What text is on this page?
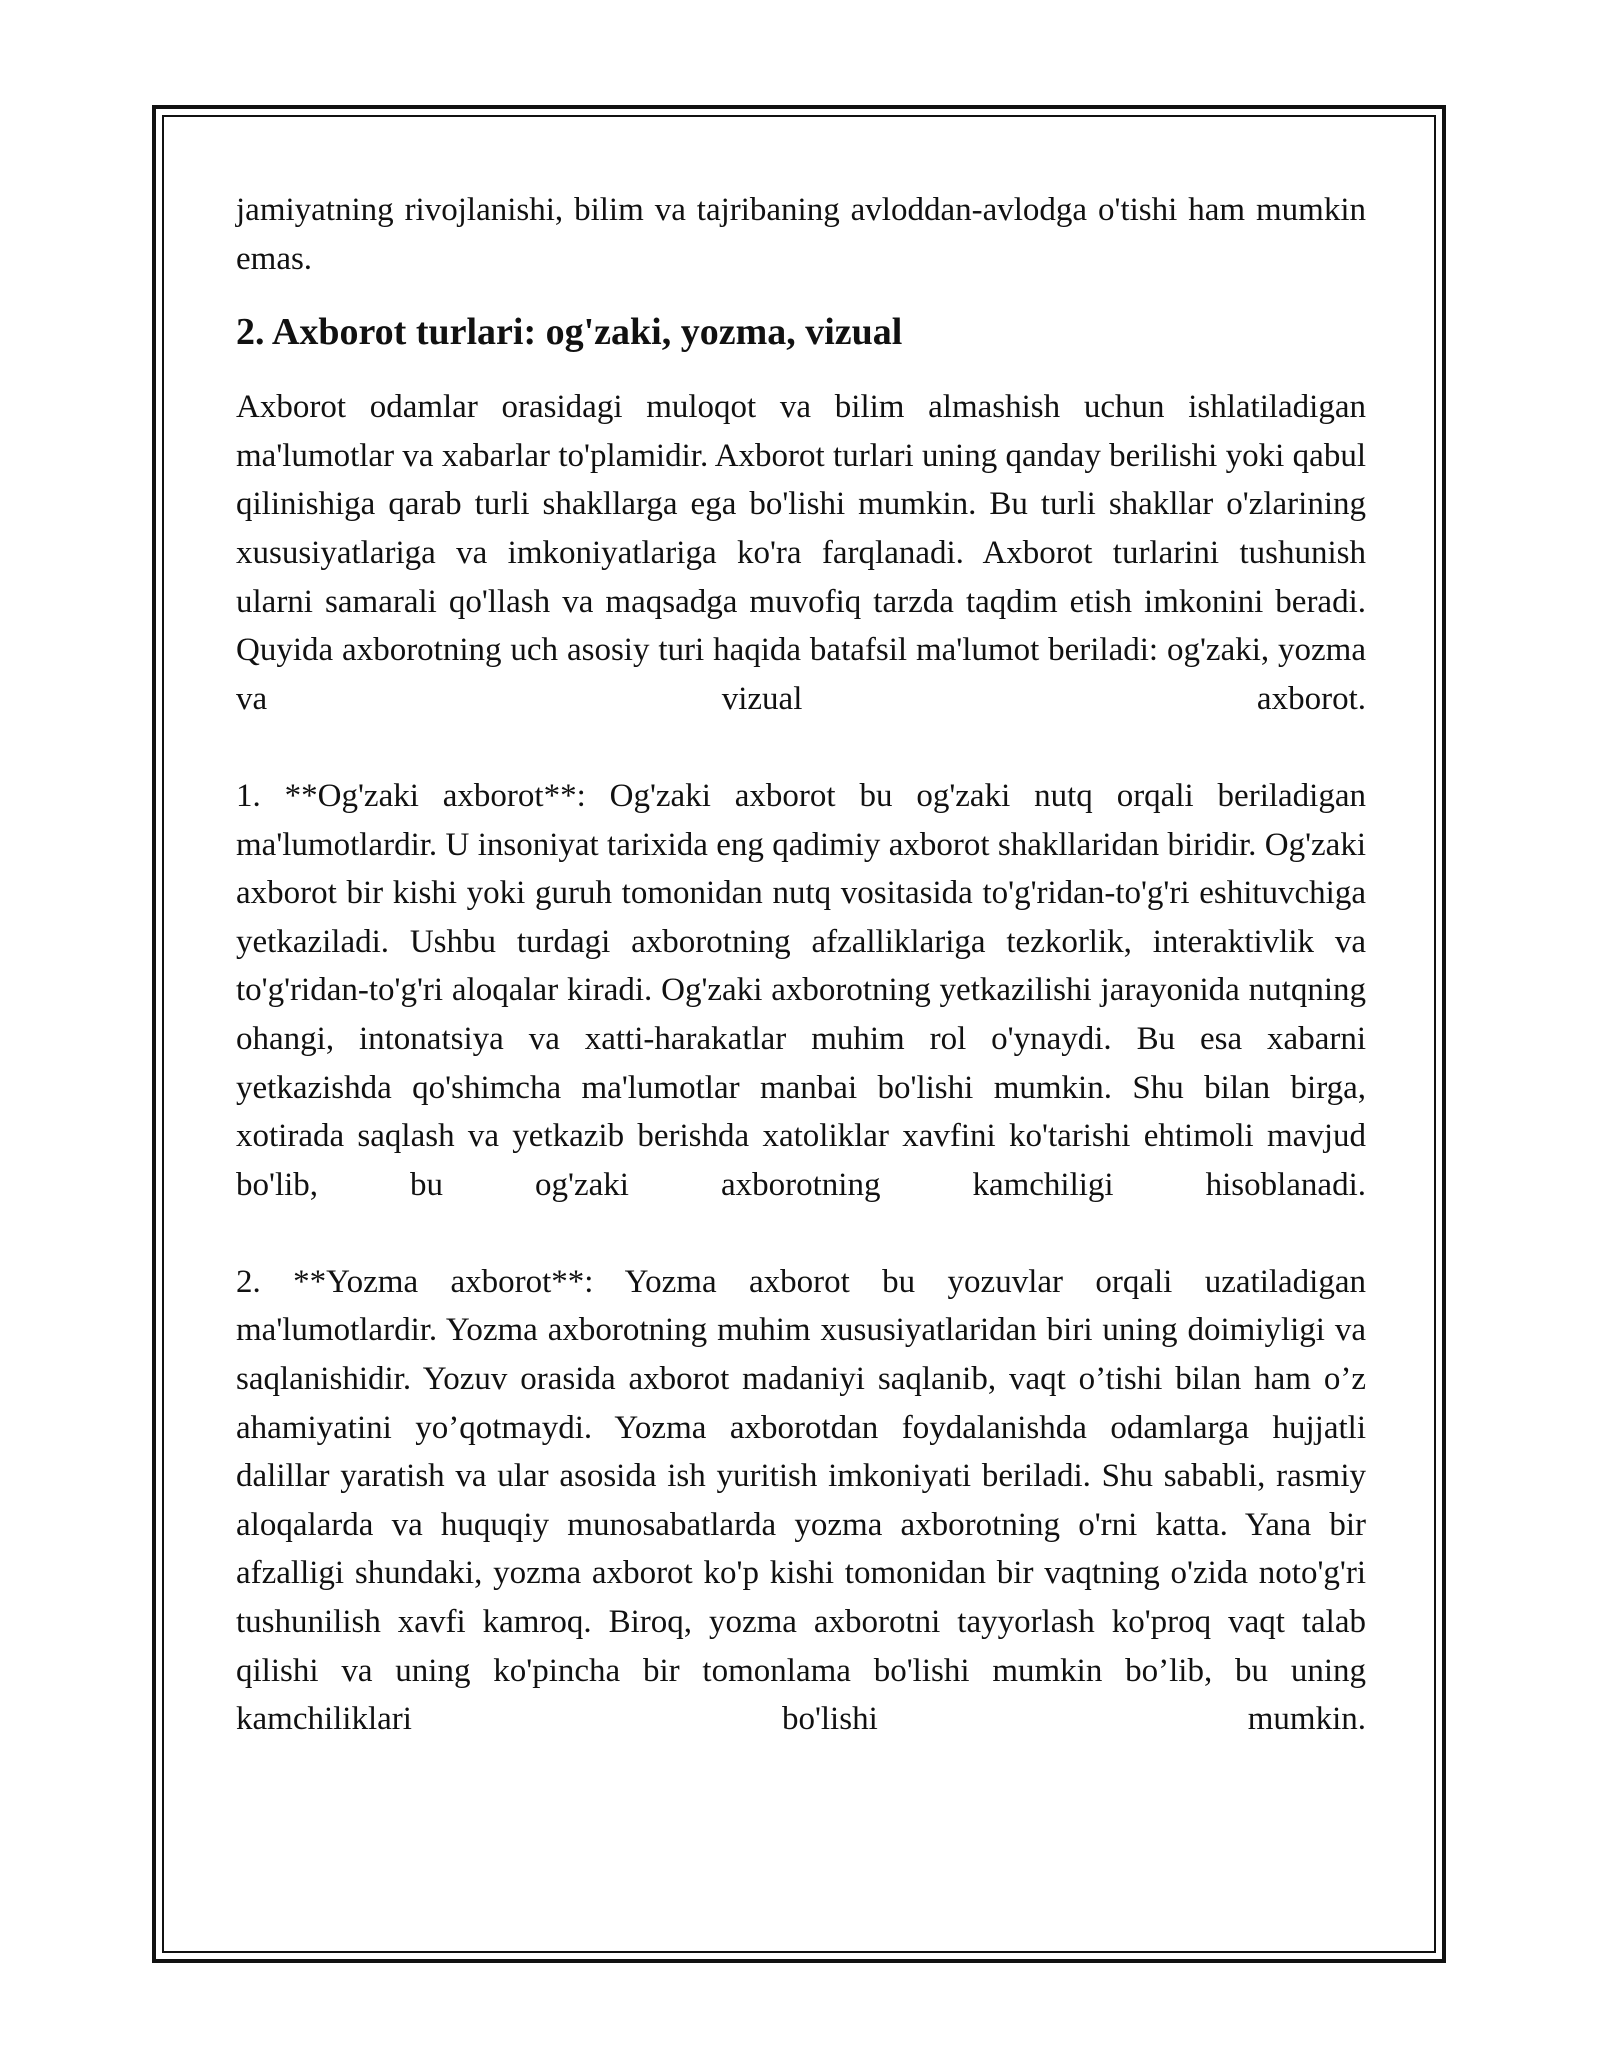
jamiyatning rivojlanishi, bilim va tajribaning avloddan-avlodga o'tishi ham mumkin emas.

2. Axborot turlari: og'zaki, yozma, vizual

Axborot odamlar orasidagi muloqot va bilim almashish uchun ishlatiladigan ma'lumotlar va xabarlar to'plamidir. Axborot turlari uning qanday berilishi yoki qabul qilinishiga qarab turli shakllarga ega bo'lishi mumkin. Bu turli shakllar o'zlarining xususiyatlariga va imkoniyatlariga ko'ra farqlanadi. Axborot turlarini tushunish ularni samarali qo'llash va maqsadga muvofiq tarzda taqdim etish imkonini beradi. Quyida axborotning uch asosiy turi haqida batafsil ma'lumot beriladi: og'zaki, yozma va vizual axborot.

1. **Og'zaki axborot**: Og'zaki axborot bu og'zaki nutq orqali beriladigan ma'lumotlardir. U insoniyat tarixida eng qadimiy axborot shakllaridan biridir. Og'zaki axborot bir kishi yoki guruh tomonidan nutq vositasida to'g'ridan-to'g'ri eshituvchiga yetkaziladi. Ushbu turdagi axborotning afzalliklariga tezkorlik, interaktivlik va to'g'ridan-to'g'ri aloqalar kiradi. Og'zaki axborotning yetkazilishi jarayonida nutqning ohangi, intonatsiya va xatti-harakatlar muhim rol o'ynaydi. Bu esa xabarni yetkazishda qo'shimcha ma'lumotlar manbai bo'lishi mumkin. Shu bilan birga, xotirada saqlash va yetkazib berishda xatoliklar xavfini ko'tarishi ehtimoli mavjud bo'lib, bu og'zaki axborotning kamchiligi hisoblanadi.

2. **Yozma axborot**: Yozma axborot bu yozuvlar orqali uzatiladigan ma'lumotlardir. Yozma axborotning muhim xususiyatlaridan biri uning doimiyligi va saqlanishidir. Yozuv orasida axborot madaniyi saqlanib, vaqt o’tishi bilan ham o’z ahamiyatini yo’qotmaydi. Yozma axborotdan foydalanishda odamlarga hujjatli dalillar yaratish va ular asosida ish yuritish imkoniyati beriladi. Shu sababli, rasmiy aloqalarda va huquqiy munosabatlarda yozma axborotning o'rni katta. Yana bir afzalligi shundaki, yozma axborot ko'p kishi tomonidan bir vaqtning o'zida noto'g'ri tushunilish xavfi kamroq. Biroq, yozma axborotni tayyorlash ko'proq vaqt talab qilishi va uning ko'pincha bir tomonlama bo'lishi mumkin bo’lib, bu uning kamchiliklari bo'lishi mumkin.
